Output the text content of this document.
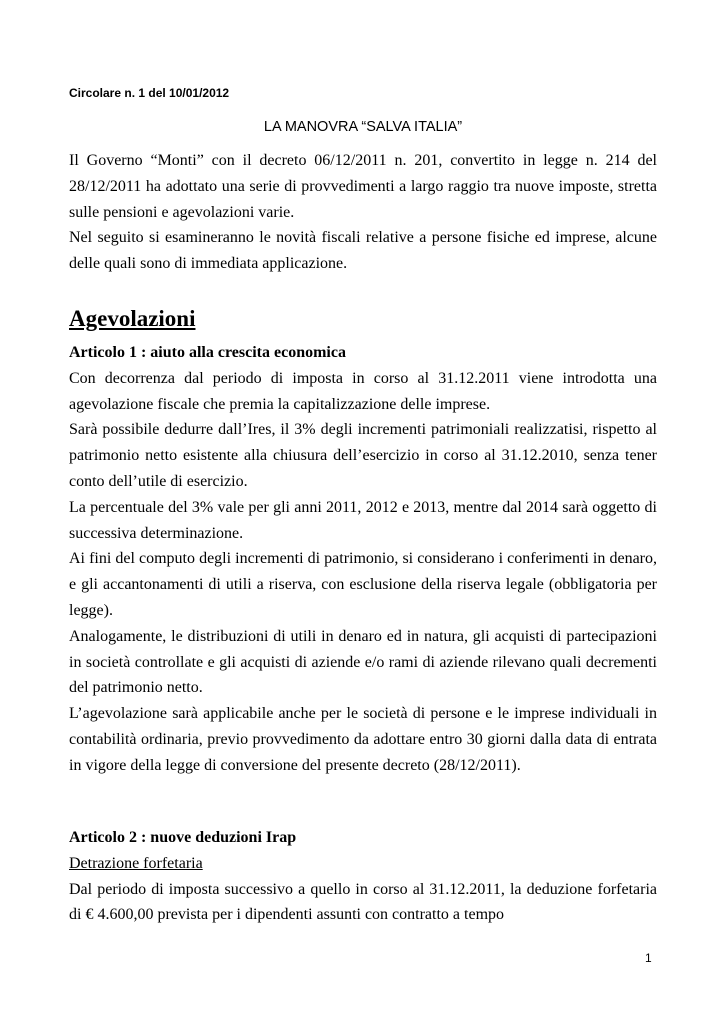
Circolare n. 1 del 10/01/2012
LA MANOVRA “SALVA ITALIA”

Il Governo “Monti” con il decreto 06/12/2011 n. 201, convertito in legge n. 214 del 28/12/2011 ha adottato una serie di provvedimenti a largo raggio tra nuove imposte, stretta sulle pensioni e agevolazioni varie.

Nel seguito si esamineranno le novità fiscali relative a persone fisiche ed imprese, alcune delle quali sono di immediata applicazione.

Agevolazioni

Articolo 1 : aiuto alla crescita economica

Con decorrenza dal periodo di imposta in corso al 31.12.2011 viene introdotta una agevolazione fiscale che premia la capitalizzazione delle imprese.

Sarà possibile dedurre dall’Ires, il 3% degli incrementi patrimoniali realizzatisi, rispetto al patrimonio netto esistente alla chiusura dell’esercizio in corso al 31.12.2010, senza tener conto dell’utile di esercizio.

La percentuale del 3% vale per gli anni 2011, 2012 e 2013, mentre dal 2014 sarà oggetto di successiva determinazione.

Ai fini del computo degli incrementi di patrimonio, si considerano i conferimenti in denaro, e gli accantonamenti di utili a riserva, con esclusione della riserva legale (obbligatoria per legge).

Analogamente, le distribuzioni di utili in denaro ed in natura, gli acquisti di partecipazioni in società controllate e gli acquisti di aziende e/o rami di aziende rilevano quali decrementi del patrimonio netto.

L’agevolazione sarà applicabile anche per le società di persone e le imprese individuali in contabilità ordinaria, previo provvedimento da adottare entro 30 giorni dalla data di entrata in vigore della legge di conversione del presente decreto (28/12/2011).

Articolo 2 : nuove deduzioni Irap

Detrazione forfetaria

Dal periodo di imposta successivo a quello in corso al 31.12.2011, la deduzione forfetaria di € 4.600,00 prevista per i dipendenti assunti con contratto a tempo

1
